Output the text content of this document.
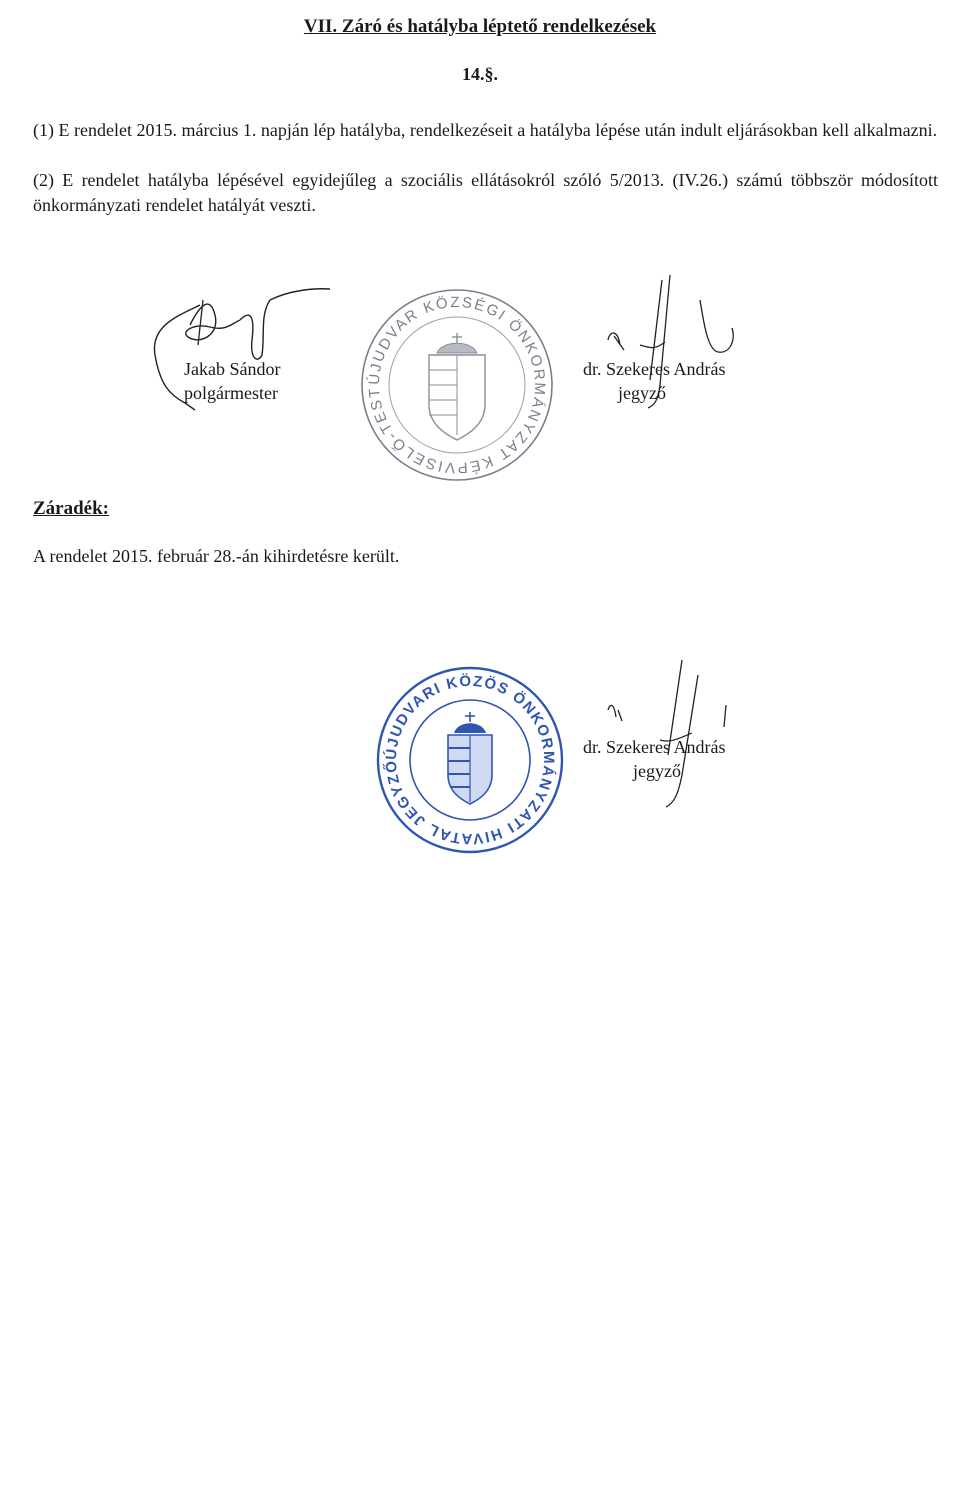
VII. Záró és hatályba léptető rendelkezések
14.§.
(1) E rendelet 2015. március 1. napján lép hatályba, rendelkezéseit a hatályba lépése után indult eljárásokban kell alkalmazni.
(2) E rendelet hatályba lépésével egyidejűleg a szociális ellátásokról szóló 5/2013. (IV.26.) számú többször módosított önkormányzati rendelet hatályát veszti.
Jakab Sándor
polgármester
ÚJUDVAR KÖZSÉGI ÖNKORMÁNYZAT KÉPVISELŐ-TESTÜLETE
dr. Szekeres András
jegyző
Záradék:
A rendelet 2015. február 28.-án kihirdetésre került.
ÚJUDVARI KÖZÖS ÖNKORMÁNYZATI HIVATAL JEGYZŐJE • ÚJUDVAR •
dr. Szekeres András
jegyző
